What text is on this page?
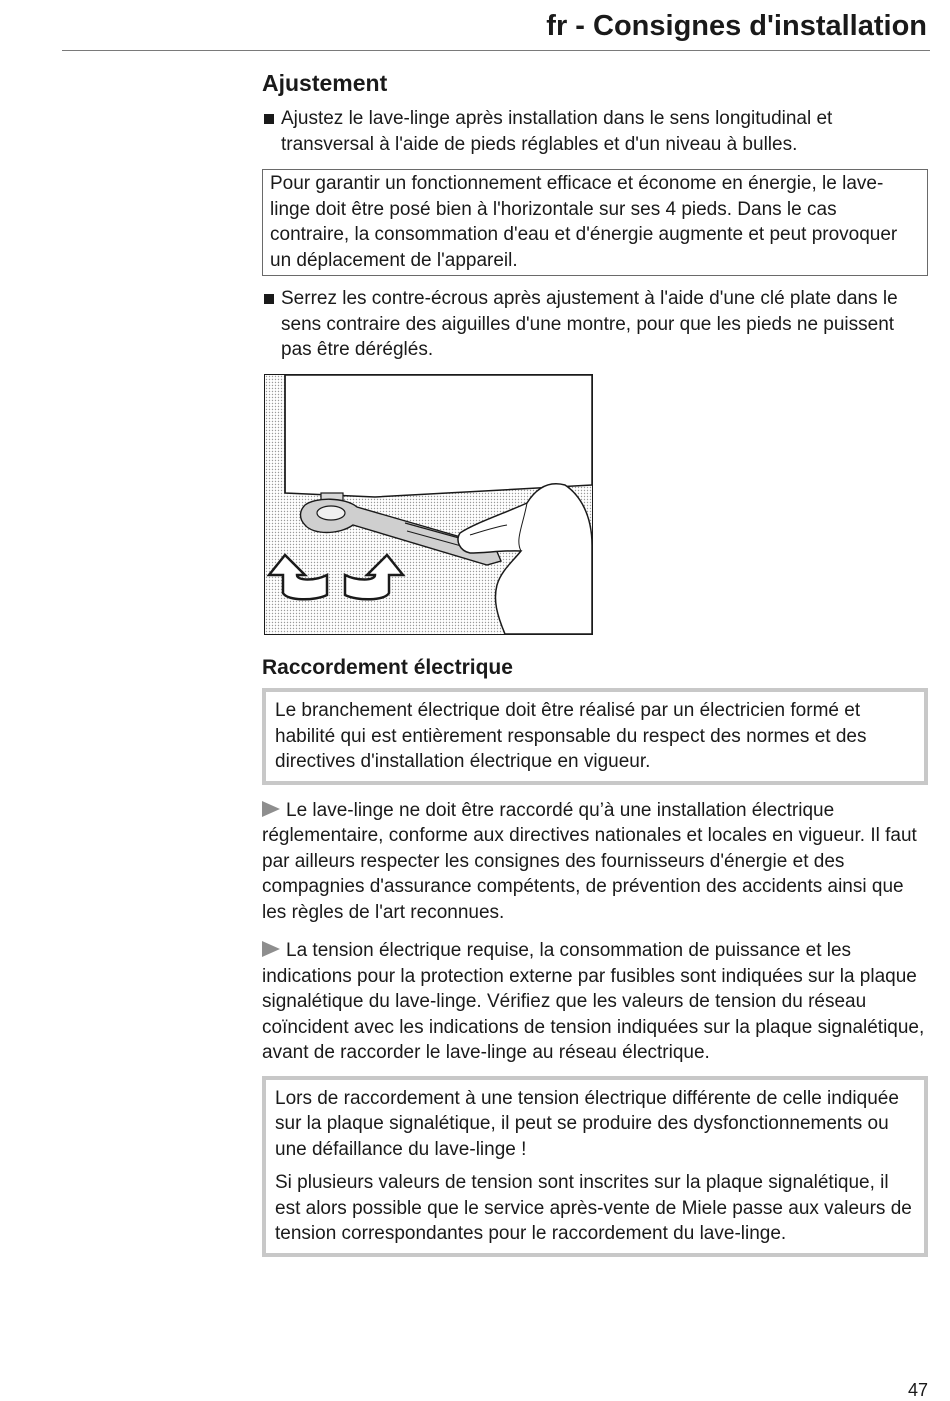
fr - Consignes d'installation
Ajustement

Ajustez le lave-linge après installation dans le sens longitudinal et transversal à l'aide de pieds réglables et d'un niveau à bulles.

Pour garantir un fonctionnement efficace et économe en énergie, le lave-linge doit être posé bien à l'horizontale sur ses 4 pieds. Dans le cas contraire, la consommation d'eau et d'énergie augmente et peut provoquer un déplacement de l'appareil.

Serrez les contre-écrous après ajustement à l'aide d'une clé plate dans le sens contraire des aiguilles d'une montre, pour que les pieds ne puissent pas être déréglés.

Raccordement électrique

Le branchement électrique doit être réalisé par un électricien formé et habilité qui est entièrement responsable du respect des normes et des directives d'installation électrique en vigueur.

Le lave-linge ne doit être raccordé qu’à une installation électrique réglementaire, conforme aux directives nationales et locales en vigueur. Il faut par ailleurs respecter les consignes des fournisseurs d'énergie et des compagnies d'assurance compétents, de prévention des accidents ainsi que les règles de l'art reconnues.

La tension électrique requise, la consommation de puissance et les indications pour la protection externe par fusibles sont indiquées sur la plaque signalétique du lave-linge. Vérifiez que les valeurs de tension du réseau coïncident avec les indications de tension indiquées sur la plaque signalétique, avant de raccorder le lave-linge au réseau électrique.

Lors de raccordement à une tension électrique différente de celle indiquée sur la plaque signalétique, il peut se produire des dysfonctionnements ou une défaillance du lave-linge !

Si plusieurs valeurs de tension sont inscrites sur la plaque signalétique, il est alors possible que le service après-vente de Miele passe aux valeurs de tension correspondantes pour le raccordement du lave-linge.

47
